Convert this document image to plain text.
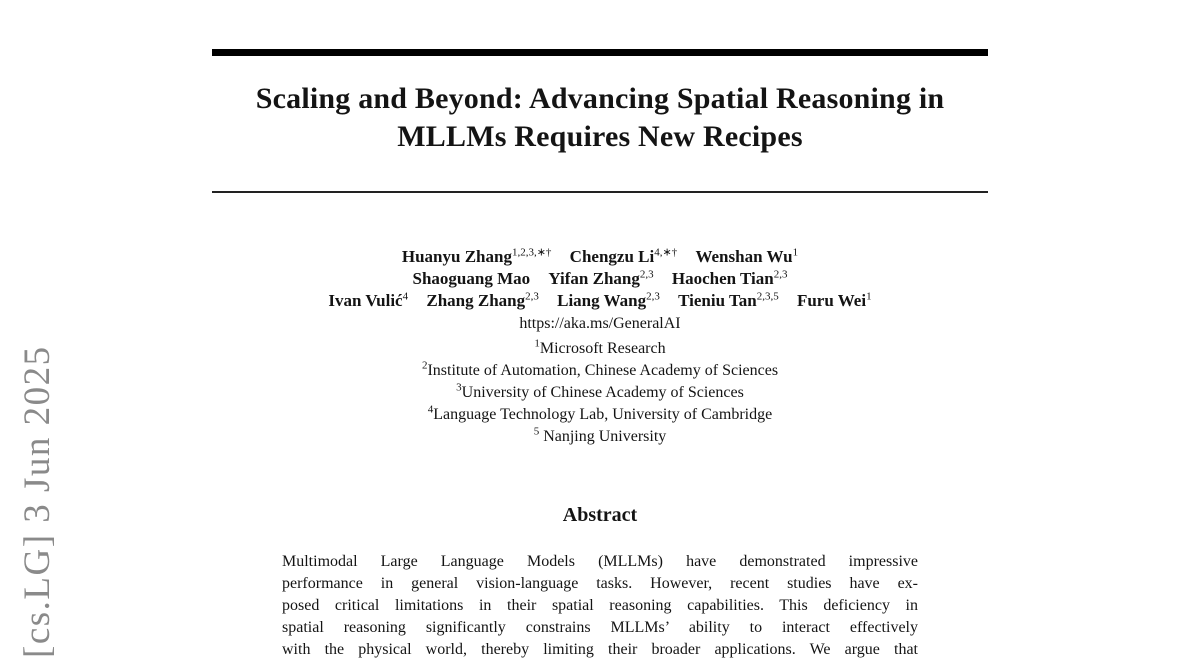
[cs.LG] 3 Jun 2025
Scaling and Beyond: Advancing Spatial Reasoning in
MLLMs Requires New Recipes
Huanyu Zhang$^{1,2,3,∗\dagger}$ Chengzu $Li^{4,∗\dagger}$ Wenshan Wu$^1$
Shaoguang Mao Yifan Zhang$^{2,3}$ Haochen Tian$^{2,3}$
Ivan Vulić$^4$ Zhang Zhang$^{2,3}$ Liang Wang$^{2,3}$ Tieniu Tan$^{2,3,5}$ Furu Wei$^1$
https://aka.ms/GeneralAI
$^1$Microsoft Research
$^2$Institute of Automation, Chinese Academy of Sciences
$^3$University of Chinese Academy of Sciences
$^4$Language Technology Lab, University of Cambridge
$^5$ Nanjing University
Abstract
Multimodal Large Language Models (MLLMs) have demonstrated impressive
performance in general vision-language tasks. However, recent studies have ex-
posed critical limitations in their spatial reasoning capabilities. This deficiency in
spatial reasoning significantly constrains MLLMs’ ability to interact effectively
with the physical world, thereby limiting their broader applications. We argue that
